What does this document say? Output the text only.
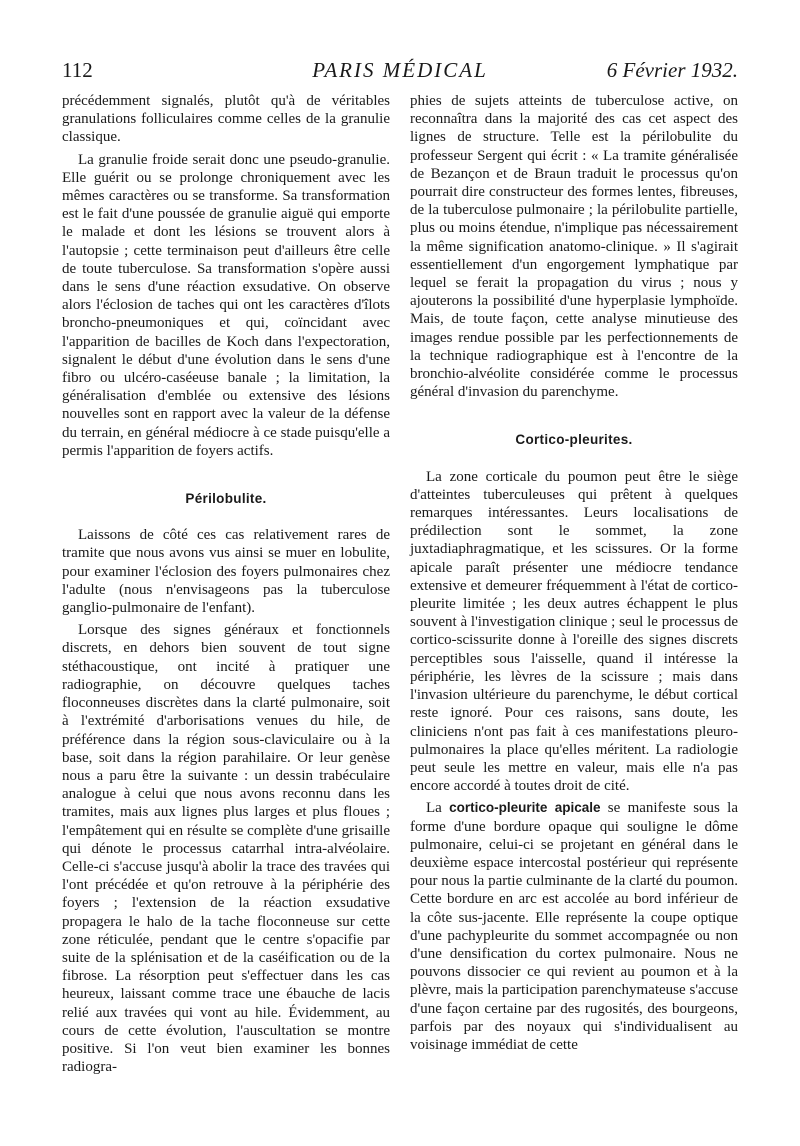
112	PARIS MÉDICAL	6 Février 1932.

précédemment signalés, plutôt qu'à de véritables granulations folliculaires comme celles de la granulie classique.

La granulie froide serait donc une pseudo-granulie. Elle guérit ou se prolonge chroniquement avec les mêmes caractères ou se transforme. Sa transformation est le fait d'une poussée de granulie aiguë qui emporte le malade et dont les lésions se trouvent alors à l'autopsie ; cette terminaison peut d'ailleurs être celle de toute tuberculose. Sa transformation s'opère aussi dans le sens d'une réaction exsudative. On observe alors l'éclosion de taches qui ont les caractères d'îlots broncho-pneumoniques et qui, coïncidant avec l'apparition de bacilles de Koch dans l'expectoration, signalent le début d'une évolution dans le sens d'une fibro ou ulcéro-caséeuse banale ; la limitation, la généralisation d'emblée ou extensive des lésions nouvelles sont en rapport avec la valeur de la défense du terrain, en général médiocre à ce stade puisqu'elle a permis l'apparition de foyers actifs.

Périlobulite.

Laissons de côté ces cas relativement rares de tramite que nous avons vus ainsi se muer en lobulite, pour examiner l'éclosion des foyers pulmonaires chez l'adulte (nous n'envisageons pas la tuberculose ganglio-pulmonaire de l'enfant).

Lorsque des signes généraux et fonctionnels discrets, en dehors bien souvent de tout signe stéthacoustique, ont incité à pratiquer une radiographie, on découvre quelques taches floconneuses discrètes dans la clarté pulmonaire, soit à l'extrémité d'arborisations venues du hile, de préférence dans la région sous-claviculaire ou à la base, soit dans la région parahilaire. Or leur genèse nous a paru être la suivante : un dessin trabéculaire analogue à celui que nous avons reconnu dans les tramites, mais aux lignes plus larges et plus floues ; l'empâtement qui en résulte se complète d'une grisaille qui dénote le processus catarrhal intra-alvéolaire. Celle-ci s'accuse jusqu'à abolir la trace des travées qui l'ont précédée et qu'on retrouve à la périphérie des foyers ; l'extension de la réaction exsudative propagera le halo de la tache floconneuse sur cette zone réticulée, pendant que le centre s'opacifie par suite de la splénisation et de la caséification ou de la fibrose. La résorption peut s'effectuer dans les cas heureux, laissant comme trace une ébauche de lacis relié aux travées qui vont au hile. Évidemment, au cours de cette évolution, l'auscultation se montre positive. Si l'on veut bien examiner les bonnes radiogra-

phies de sujets atteints de tuberculose active, on reconnaîtra dans la majorité des cas cet aspect des lignes de structure. Telle est la périlobulite du professeur Sergent qui écrit : « La tramite généralisée de Bezançon et de Braun traduit le processus qu'on pourrait dire constructeur des formes lentes, fibreuses, de la tuberculose pulmonaire ; la périlobulite partielle, plus ou moins étendue, n'implique pas nécessairement la même signification anatomo-clinique. » Il s'agirait essentiellement d'un engorgement lymphatique par lequel se ferait la propagation du virus ; nous y ajouterons la possibilité d'une hyperplasie lymphoïde. Mais, de toute façon, cette analyse minutieuse des images rendue possible par les perfectionnements de la technique radiographique est à l'encontre de la bronchio-alvéolite considérée comme le processus général d'invasion du parenchyme.

Cortico-pleurites.

La zone corticale du poumon peut être le siège d'atteintes tuberculeuses qui prêtent à quelques remarques intéressantes. Leurs localisations de prédilection sont le sommet, la zone juxtadiaphragmatique, et les scissures. Or la forme apicale paraît présenter une médiocre tendance extensive et demeurer fréquemment à l'état de cortico-pleurite limitée ; les deux autres échappent le plus souvent à l'investigation clinique ; seul le processus de cortico-scissurite donne à l'oreille des signes discrets perceptibles sous l'aisselle, quand il intéresse la périphérie, les lèvres de la scissure ; mais dans l'invasion ultérieure du parenchyme, le début cortical reste ignoré. Pour ces raisons, sans doute, les cliniciens n'ont pas fait à ces manifestations pleuro-pulmonaires la place qu'elles méritent. La radiologie peut seule les mettre en valeur, mais elle n'a pas encore accordé à toutes droit de cité.

La cortico-pleurite apicale se manifeste sous la forme d'une bordure opaque qui souligne le dôme pulmonaire, celui-ci se projetant en général dans le deuxième espace intercostal postérieur qui représente pour nous la partie culminante de la clarté du poumon. Cette bordure en arc est accolée au bord inférieur de la côte sus-jacente. Elle représente la coupe optique d'une pachypleurite du sommet accompagnée ou non d'une densification du cortex pulmonaire. Nous ne pouvons dissocier ce qui revient au poumon et à la plèvre, mais la participation parenchymateuse s'accuse d'une façon certaine par des rugosités, des bourgeons, parfois par des noyaux qui s'individualisent au voisinage immédiat de cette
